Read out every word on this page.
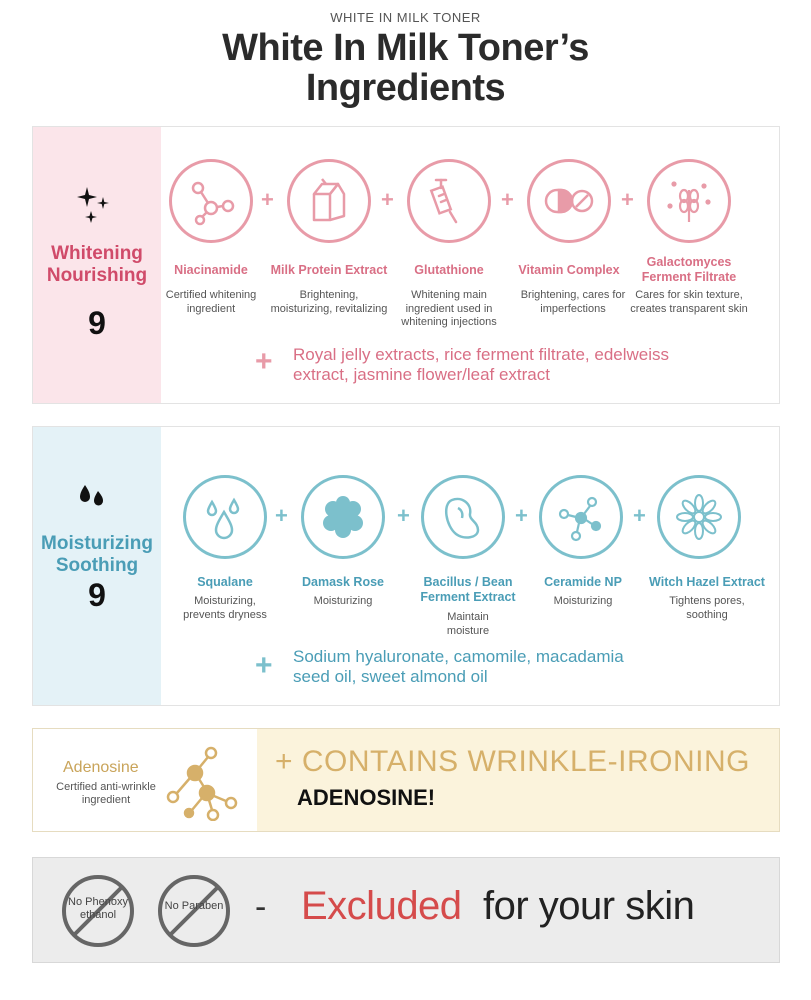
WHITE IN MILK TONER
White In Milk Toner’s
Ingredients
Whitening
Nourishing
9
+	+	+	+
Niacinamide
Certified whitening ingredient
Milk Protein Extract
Brightening, moisturizing, revitalizing
Glutathione
Whitening main ingredient used in whitening injections
Vitamin Complex
Brightening, cares for imperfections
Galactomyces Ferment Filtrate
Cares for skin texture, creates transparent skin
+ Royal jelly extracts, rice ferment filtrate, edelweiss extract, jasmine flower/leaf extract
Moisturizing
Soothing
9
+	+	+	+
Squalane
Moisturizing, prevents dryness
Damask Rose
Moisturizing
Bacillus / Bean Ferment Extract
Maintain moisture
Ceramide NP
Moisturizing
Witch Hazel Extract
Tightens pores, soothing
+ Sodium hyaluronate, camomile, macadamia seed oil, sweet almond oil
Adenosine
Certified anti-wrinkle ingredient
+ CONTAINS WRINKLE-IRONING
ADENOSINE!
No Phenoxy ethanol
No Paraben - Excluded for your skin
